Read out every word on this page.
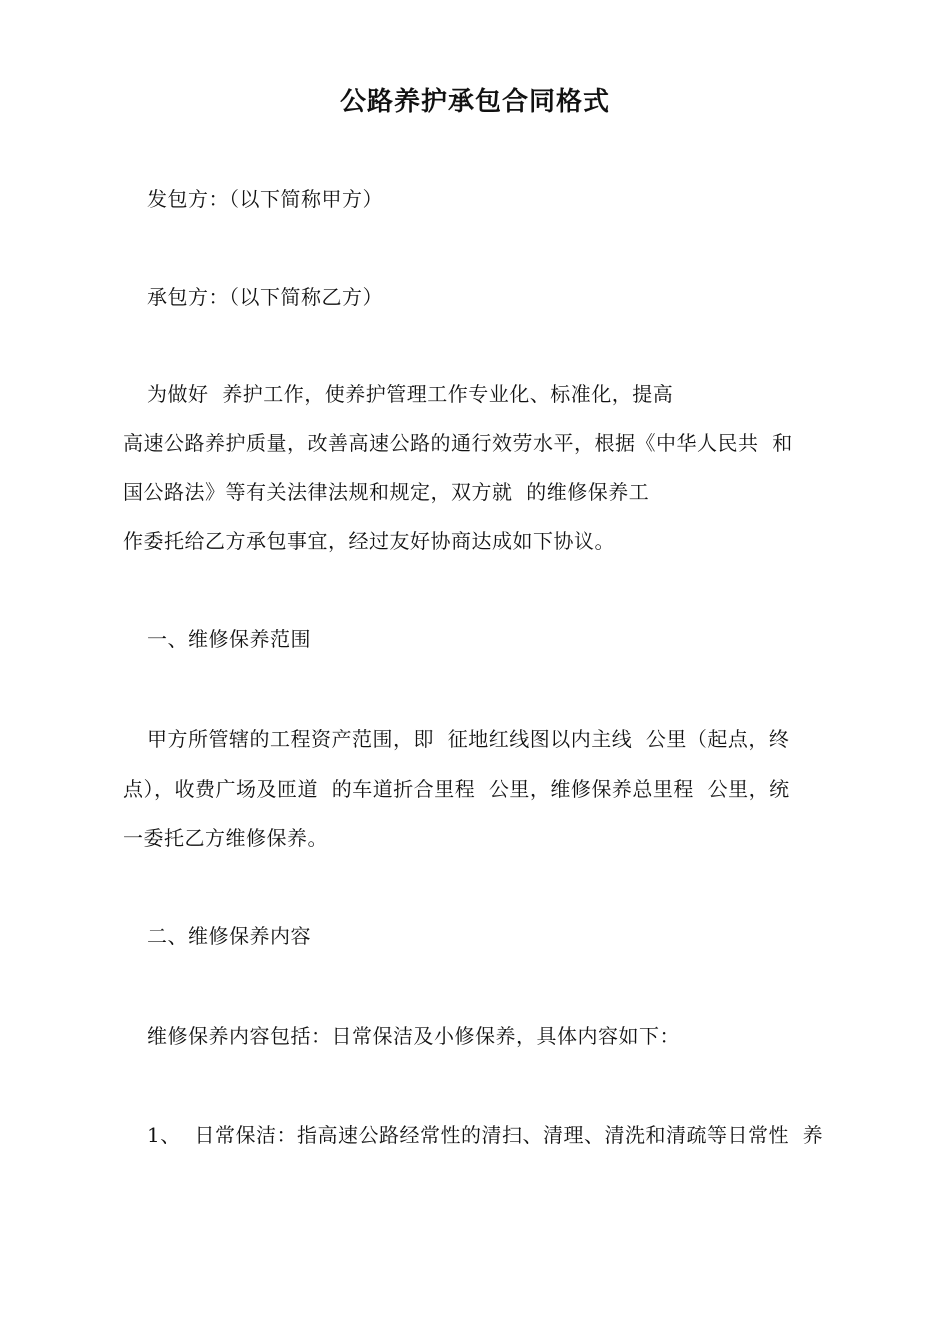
公路养护承包合同格式
发包方：（以下简称甲方）
承包方：（以下简称乙方）
为做好  养护工作，使养护管理工作专业化、标准化，提高
高速公路养护质量，改善高速公路的通行效劳水平，根据《中华人民共  和
国公路法》等有关法律法规和规定，双方就  的维修保养工
作委托给乙方承包事宜，经过友好协商达成如下协议。
一、维修保养范围
甲方所管辖的工程资产范围，即  征地红线图以内主线  公里（起点，终
点），收费广场及匝道  的车道折合里程  公里，维修保养总里程  公里，统
一委托乙方维修保养。
二、维修保养内容
维修保养内容包括：日常保洁及小修保养，具体内容如下：
1、  日常保洁：指高速公路经常性的清扫、清理、清洗和清疏等日常性  养
